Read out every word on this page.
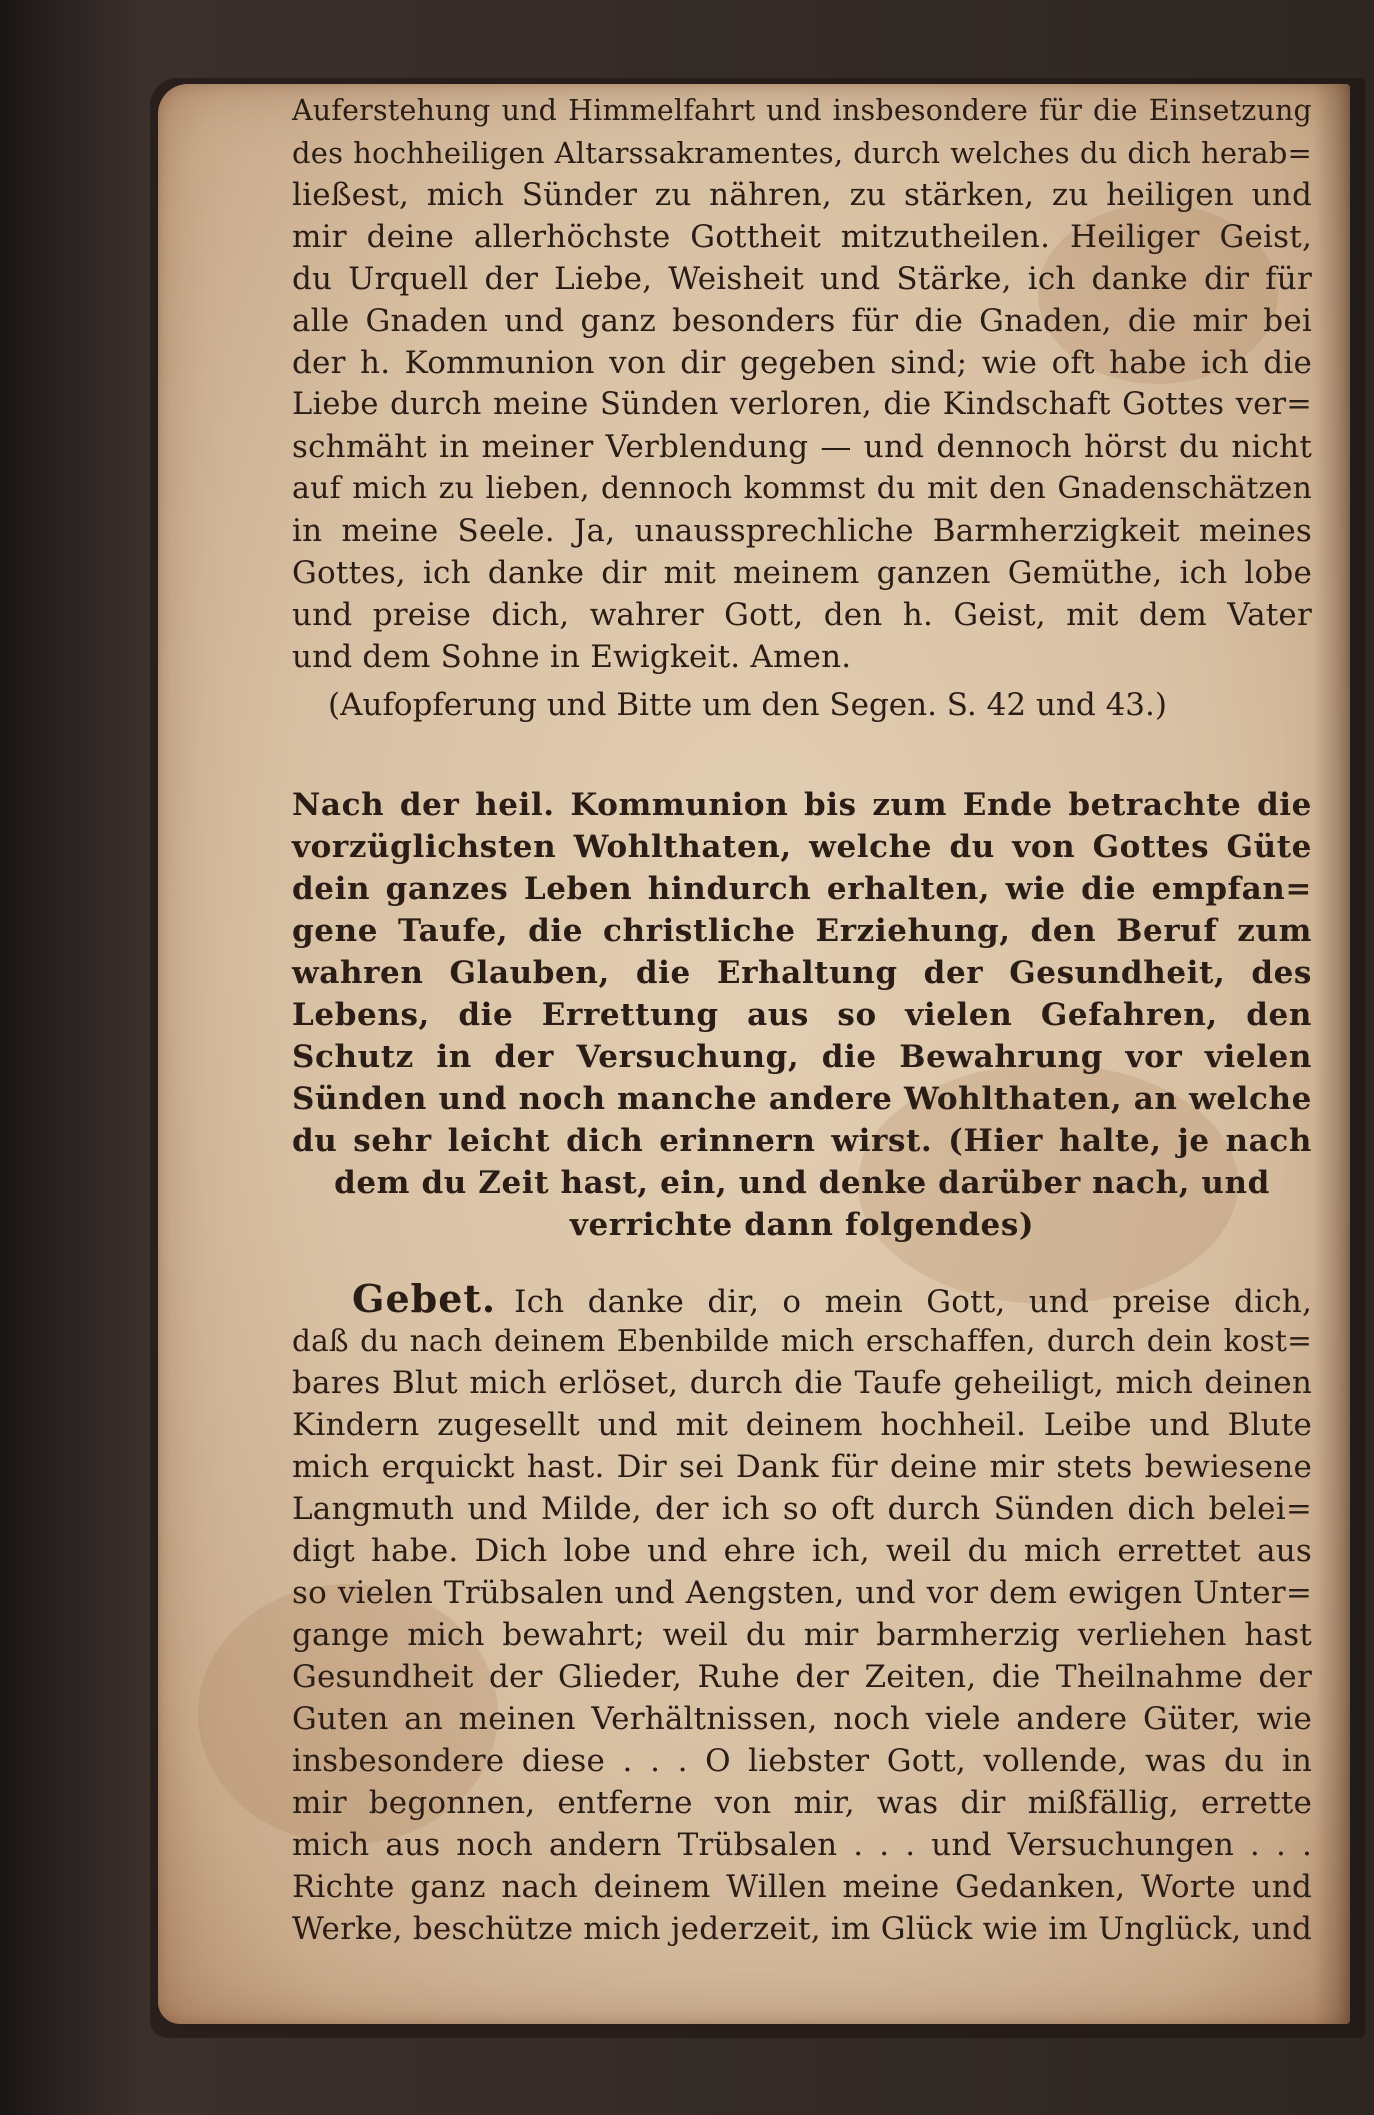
Auferstehung und Himmelfahrt und insbesondere für die Einsetzung
des hochheiligen Altarssakramentes, durch welches du dich herab=
ließest, mich Sünder zu nähren, zu stärken, zu heiligen und
mir deine allerhöchste Gottheit mitzutheilen. Heiliger Geist,
du Urquell der Liebe, Weisheit und Stärke, ich danke dir für
alle Gnaden und ganz besonders für die Gnaden, die mir bei
der h. Kommunion von dir gegeben sind; wie oft habe ich die
Liebe durch meine Sünden verloren, die Kindschaft Gottes ver=
schmäht in meiner Verblendung — und dennoch hörst du nicht
auf mich zu lieben, dennoch kommst du mit den Gnadenschätzen
in meine Seele. Ja, unaussprechliche Barmherzigkeit meines
Gottes, ich danke dir mit meinem ganzen Gemüthe, ich lobe
und preise dich, wahrer Gott, den h. Geist, mit dem Vater
und dem Sohne in Ewigkeit. Amen.
(Aufopferung und Bitte um den Segen. S. 42 und 43.)
Nach der heil. Kommunion bis zum Ende betrachte die
vorzüglichsten Wohlthaten, welche du von Gottes Güte
dein ganzes Leben hindurch erhalten, wie die empfan=
gene Taufe, die christliche Erziehung, den Beruf zum
wahren Glauben, die Erhaltung der Gesundheit, des
Lebens, die Errettung aus so vielen Gefahren, den
Schutz in der Versuchung, die Bewahrung vor vielen
Sünden und noch manche andere Wohlthaten, an welche
du sehr leicht dich erinnern wirst. (Hier halte, je nach
dem du Zeit hast, ein, und denke darüber nach, und
verrichte dann folgendes)
Gebet. Ich danke dir, o mein Gott, und preise dich,
daß du nach deinem Ebenbilde mich erschaffen, durch dein kost=
bares Blut mich erlöset, durch die Taufe geheiligt, mich deinen
Kindern zugesellt und mit deinem hochheil. Leibe und Blute
mich erquickt hast. Dir sei Dank für deine mir stets bewiesene
Langmuth und Milde, der ich so oft durch Sünden dich belei=
digt habe. Dich lobe und ehre ich, weil du mich errettet aus
so vielen Trübsalen und Aengsten, und vor dem ewigen Unter=
gange mich bewahrt; weil du mir barmherzig verliehen hast
Gesundheit der Glieder, Ruhe der Zeiten, die Theilnahme der
Guten an meinen Verhältnissen, noch viele andere Güter, wie
insbesondere diese . . . O liebster Gott, vollende, was du in
mir begonnen, entferne von mir, was dir mißfällig, errette
mich aus noch andern Trübsalen . . . und Versuchungen . . .
Richte ganz nach deinem Willen meine Gedanken, Worte und
Werke, beschütze mich jederzeit, im Glück wie im Unglück, und
